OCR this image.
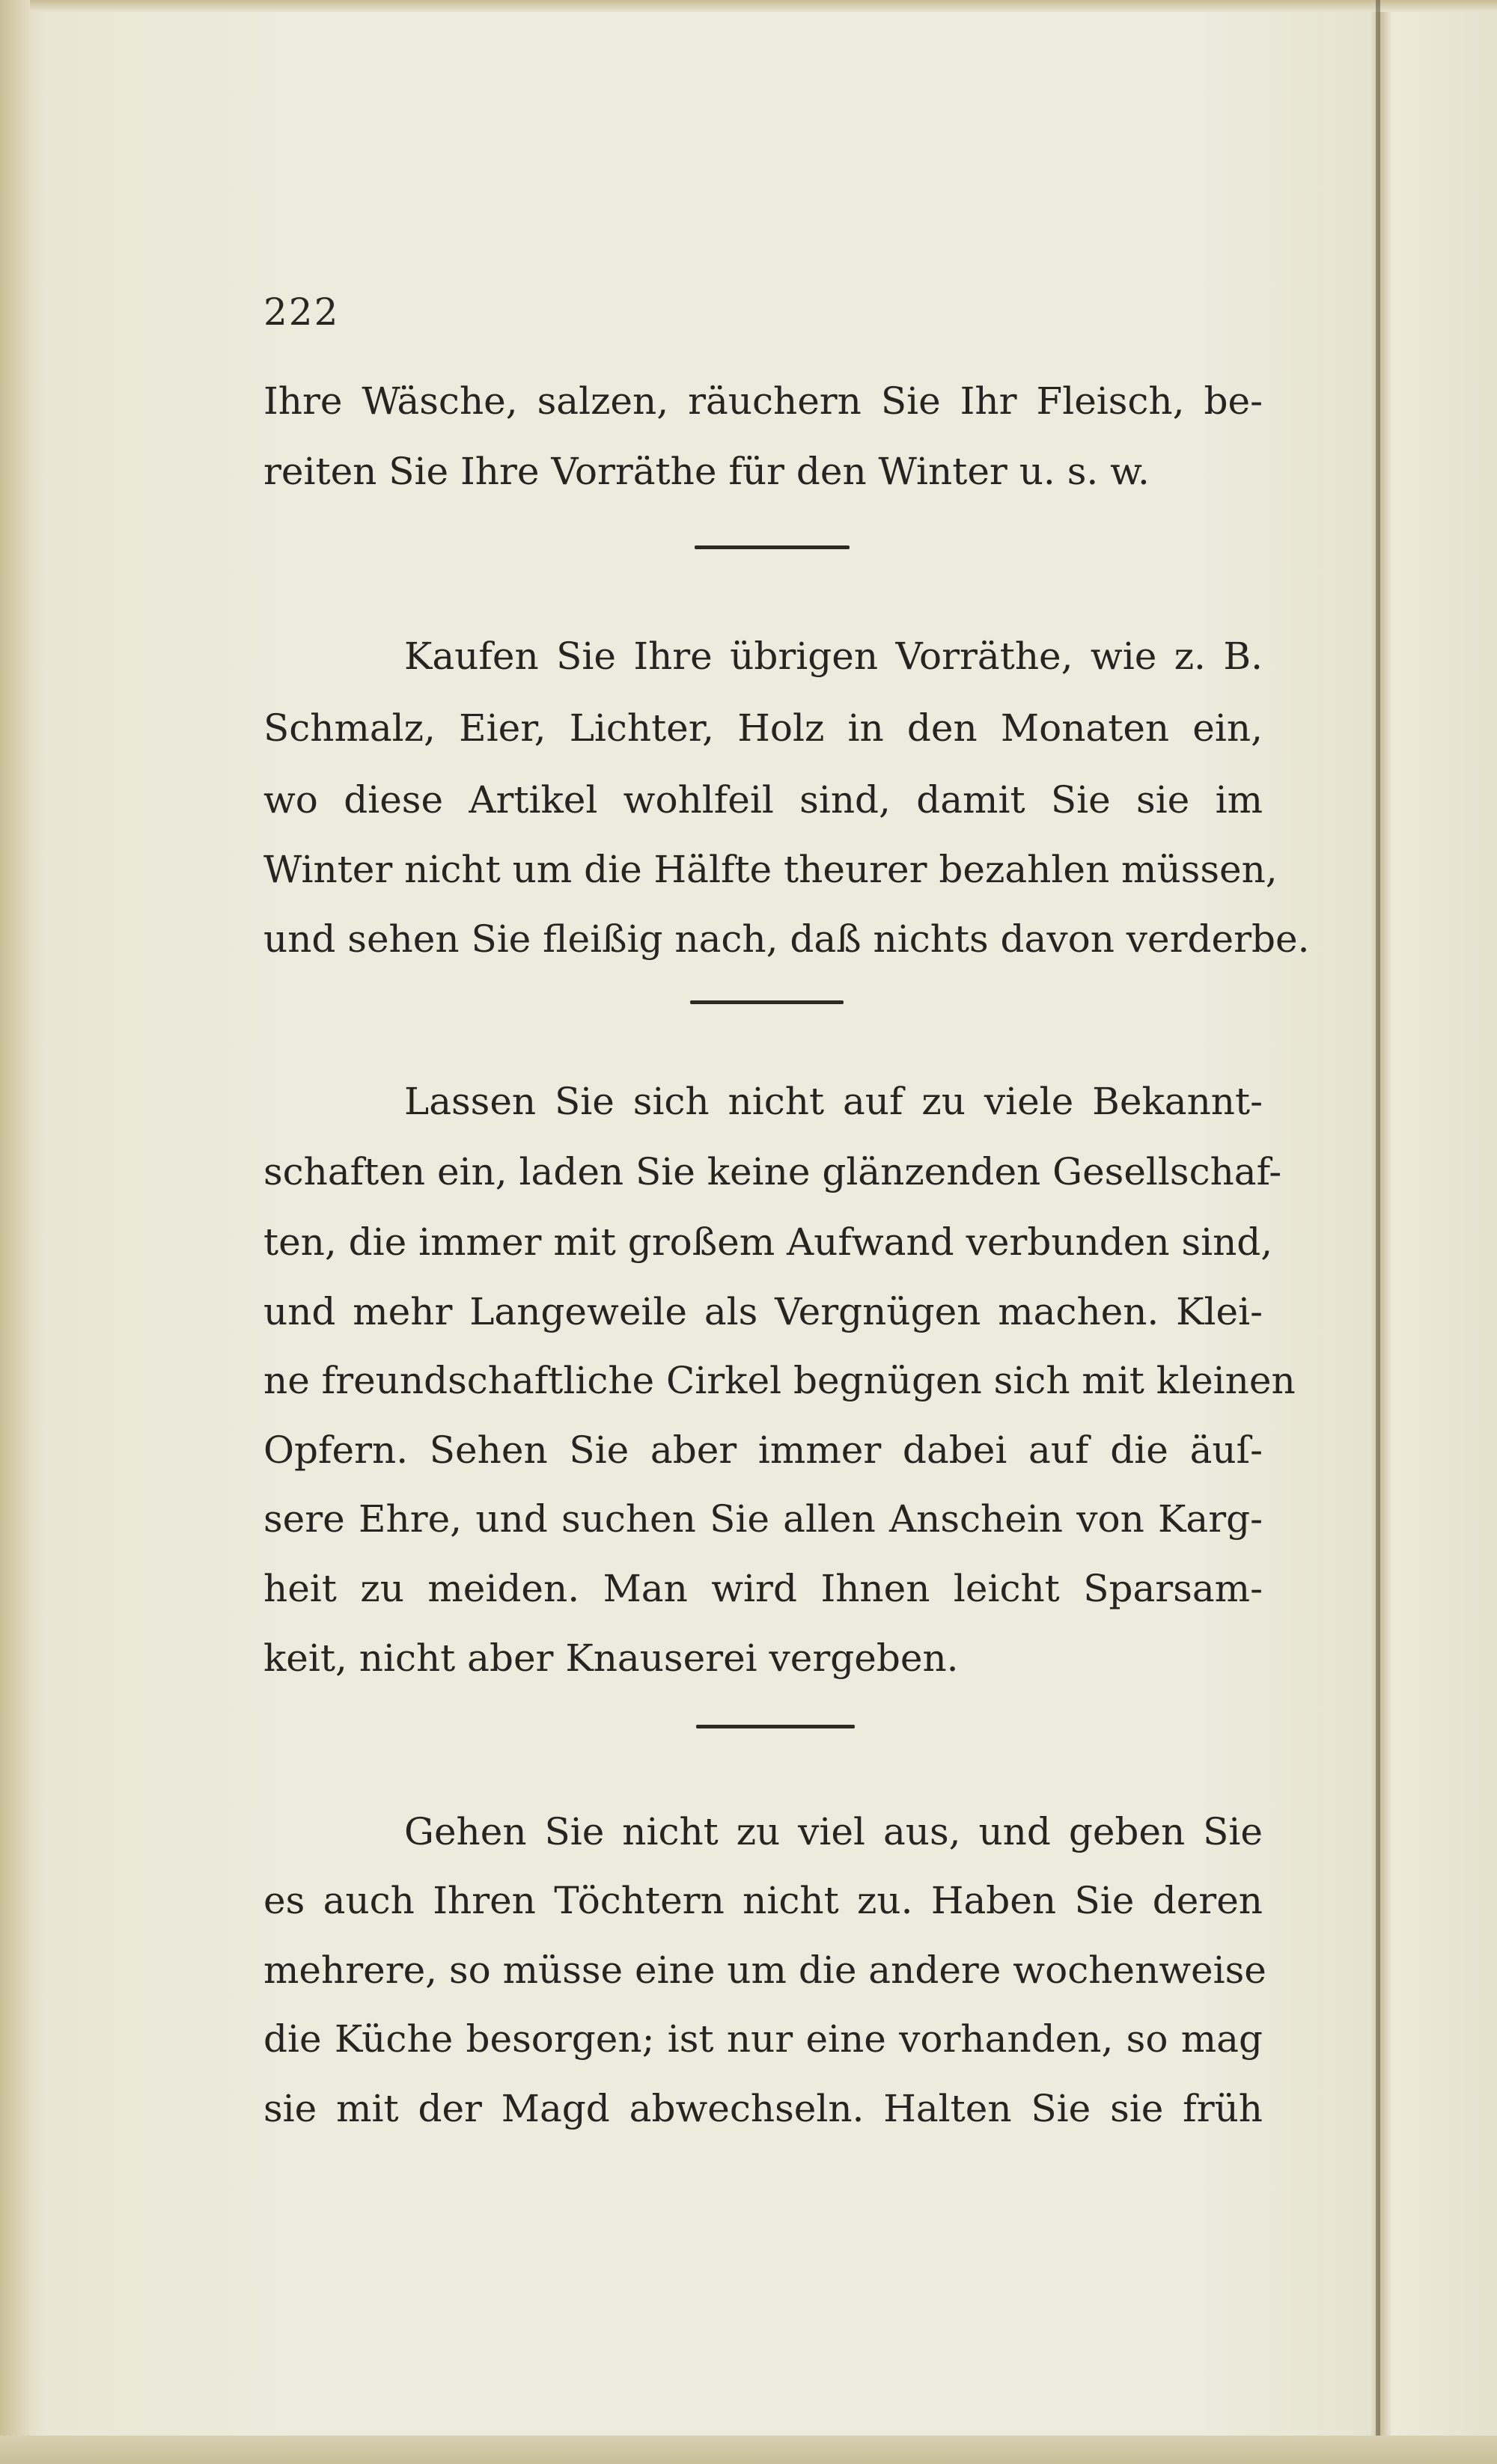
222
Ihre Wäsche, salzen, räuchern Sie Ihr Fleisch, be-
reiten Sie Ihre Vorräthe für den Winter u. s. w.
Kaufen Sie Ihre übrigen Vorräthe, wie z. B.
Schmalz, Eier, Lichter, Holz in den Monaten ein,
wo diese Artikel wohlfeil sind, damit Sie sie im
Winter nicht um die Hälfte theurer bezahlen müssen,
und sehen Sie fleißig nach, daß nichts davon verderbe.
Lassen Sie sich nicht auf zu viele Bekannt-
schaften ein, laden Sie keine glänzenden Gesellschaf-
ten, die immer mit großem Aufwand verbunden sind,
und mehr Langeweile als Vergnügen machen. Klei-
ne freundschaftliche Cirkel begnügen sich mit kleinen
Opfern. Sehen Sie aber immer dabei auf die äuſ-
sere Ehre, und suchen Sie allen Anschein von Karg-
heit zu meiden. Man wird Ihnen leicht Sparsam-
keit, nicht aber Knauserei vergeben.
Gehen Sie nicht zu viel aus, und geben Sie
es auch Ihren Töchtern nicht zu. Haben Sie deren
mehrere, so müsse eine um die andere wochenweise
die Küche besorgen; ist nur eine vorhanden, so mag
sie mit der Magd abwechseln. Halten Sie sie früh
